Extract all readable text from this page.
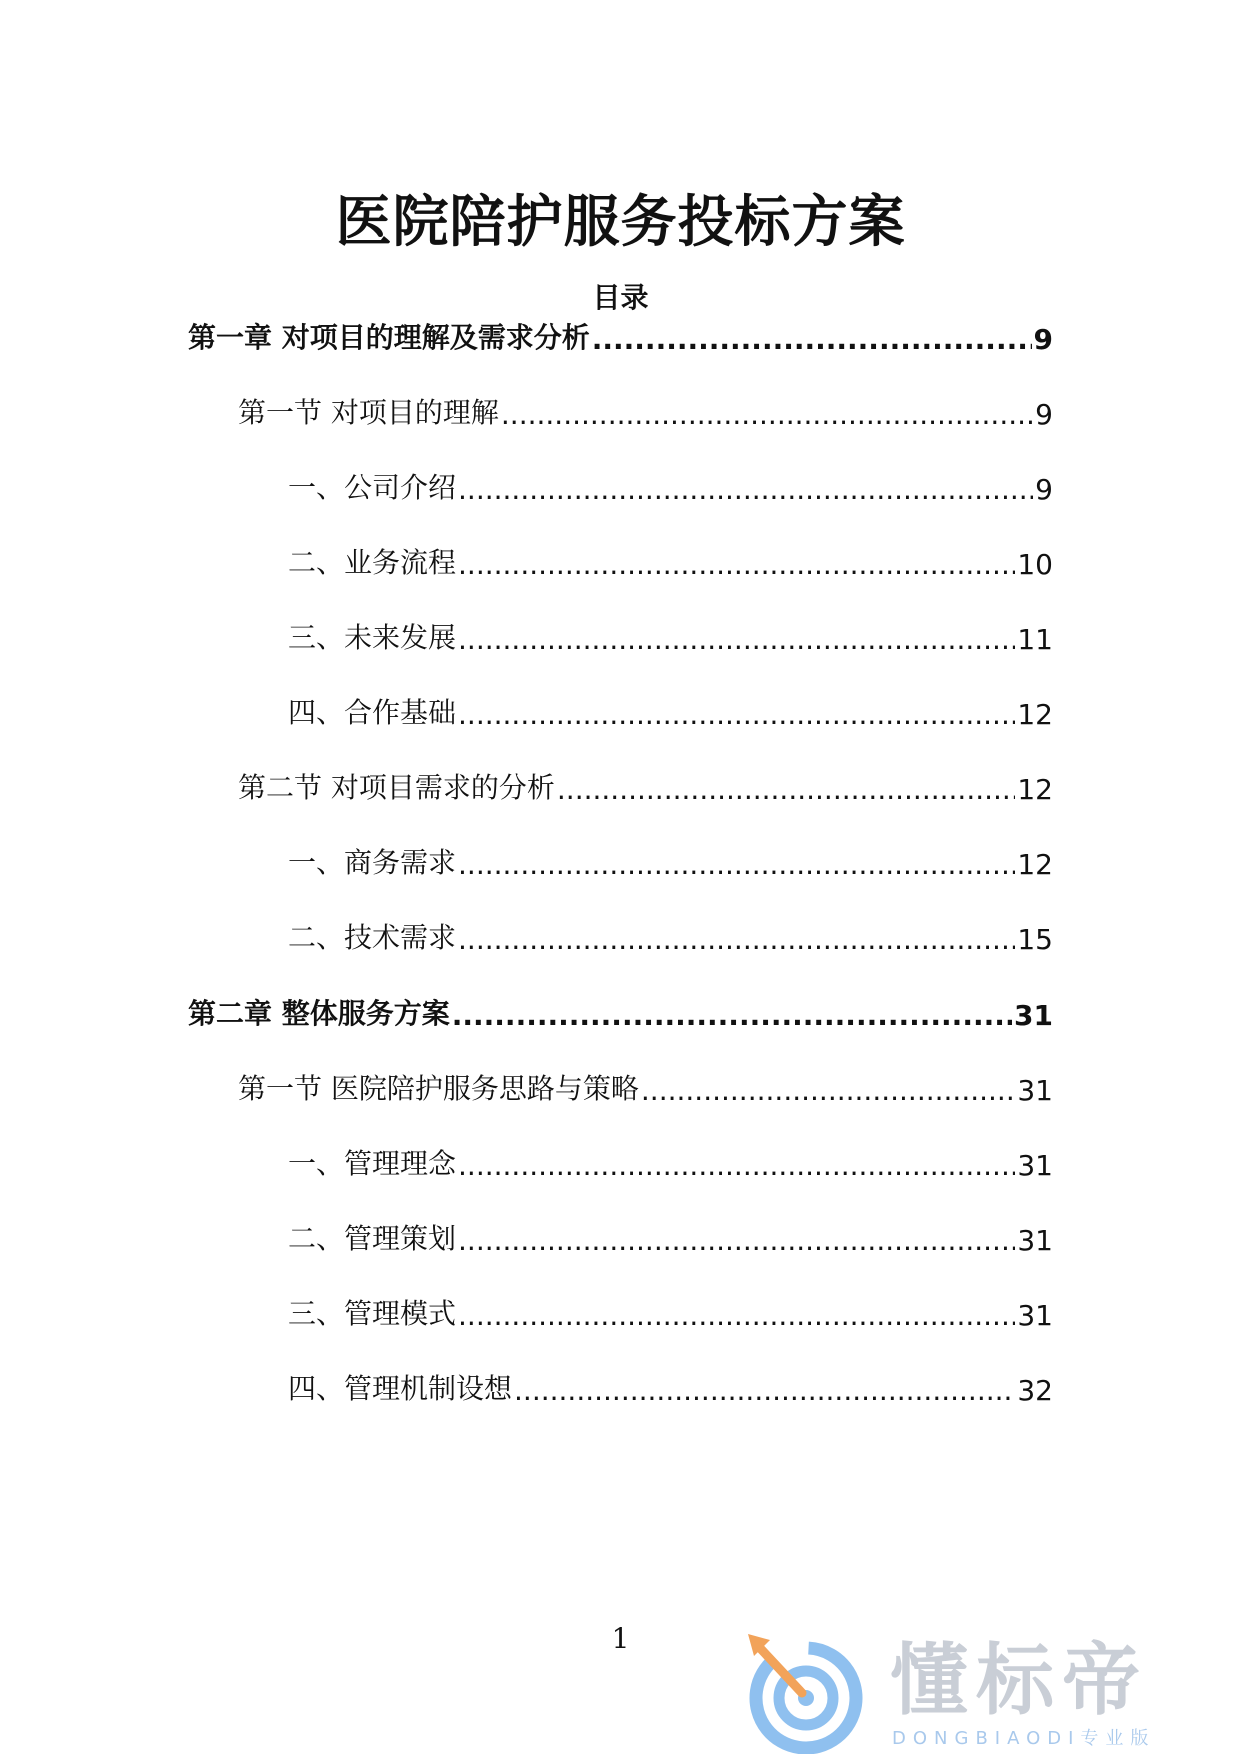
医院陪护服务投标方案
目录
第一章 对项目的理解及需求分析 .....	9
第一节 对项目的理解 .....	9
一、公司介绍 .....	9
二、业务流程 .....	10
三、未来发展 .....	11
四、合作基础 .....	12
第二节 对项目需求的分析 .....	12
一、商务需求 .....	12
二、技术需求 .....	15
第二章 整体服务方案 .....	31
第一节 医院陪护服务思路与策略 .....	31
一、管理理念 .....	31
二、管理策划 .....	31
三、管理模式 .....	31
四、管理机制设想 .....	32
1	懂标帝
DONGBIAODI专业版
